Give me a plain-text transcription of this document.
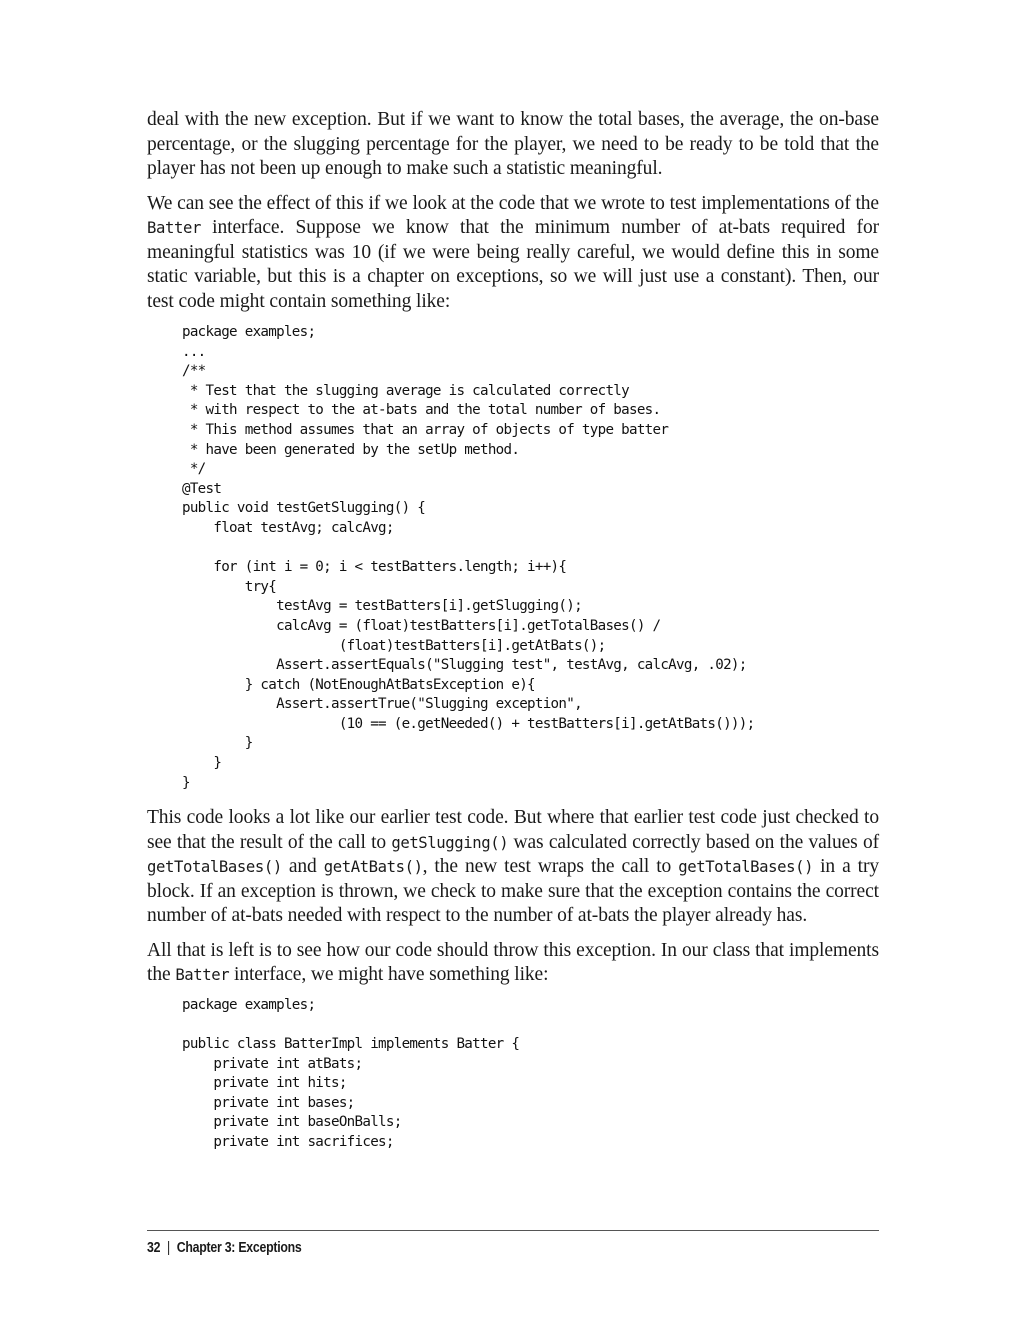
deal with the new exception. But if we want to know the total bases, the average, the on-base percentage, or the slugging percentage for the player, we need to be ready to be told that the player has not been up enough to make such a statistic meaningful.

We can see the effect of this if we look at the code that we wrote to test implementations of the Batter interface. Suppose we know that the minimum number of at-bats required for meaningful statistics was 10 (if we were being really careful, we would define this in some static variable, but this is a chapter on exceptions, so we will just use a constant). Then, our test code might contain something like:

package examples;
...
/**
* Test that the slugging average is calculated correctly
* with respect to the at-bats and the total number of bases.
* This method assumes that an array of objects of type batter
* have been generated by the setUp method.
*/
@Test
public void testGetSlugging() {
float testAvg; calcAvg;

for (int i = 0; i < testBatters.length; i++){
try{
testAvg = testBatters[i].getSlugging();
calcAvg = (float)testBatters[i].getTotalBases() /
(float)testBatters[i].getAtBats();
Assert.assertEquals("Slugging test", testAvg, calcAvg, .02);
} catch (NotEnoughAtBatsException e){
Assert.assertTrue("Slugging exception",
(10 == (e.getNeeded() + testBatters[i].getAtBats()));
}
}
}

This code looks a lot like our earlier test code. But where that earlier test code just checked to see that the result of the call to getSlugging() was calculated correctly based on the values of getTotalBases() and getAtBats(), the new test wraps the call to getTotalBases() in a try block. If an exception is thrown, we check to make sure that the exception contains the correct number of at-bats needed with respect to the number of at-bats the player already has.

All that is left is to see how our code should throw this exception. In our class that implements the Batter interface, we might have something like:

package examples;

public class BatterImpl implements Batter {
private int atBats;
private int hits;
private int bases;
private int baseOnBalls;
private int sacrifices;
32 | Chapter 3: Exceptions
